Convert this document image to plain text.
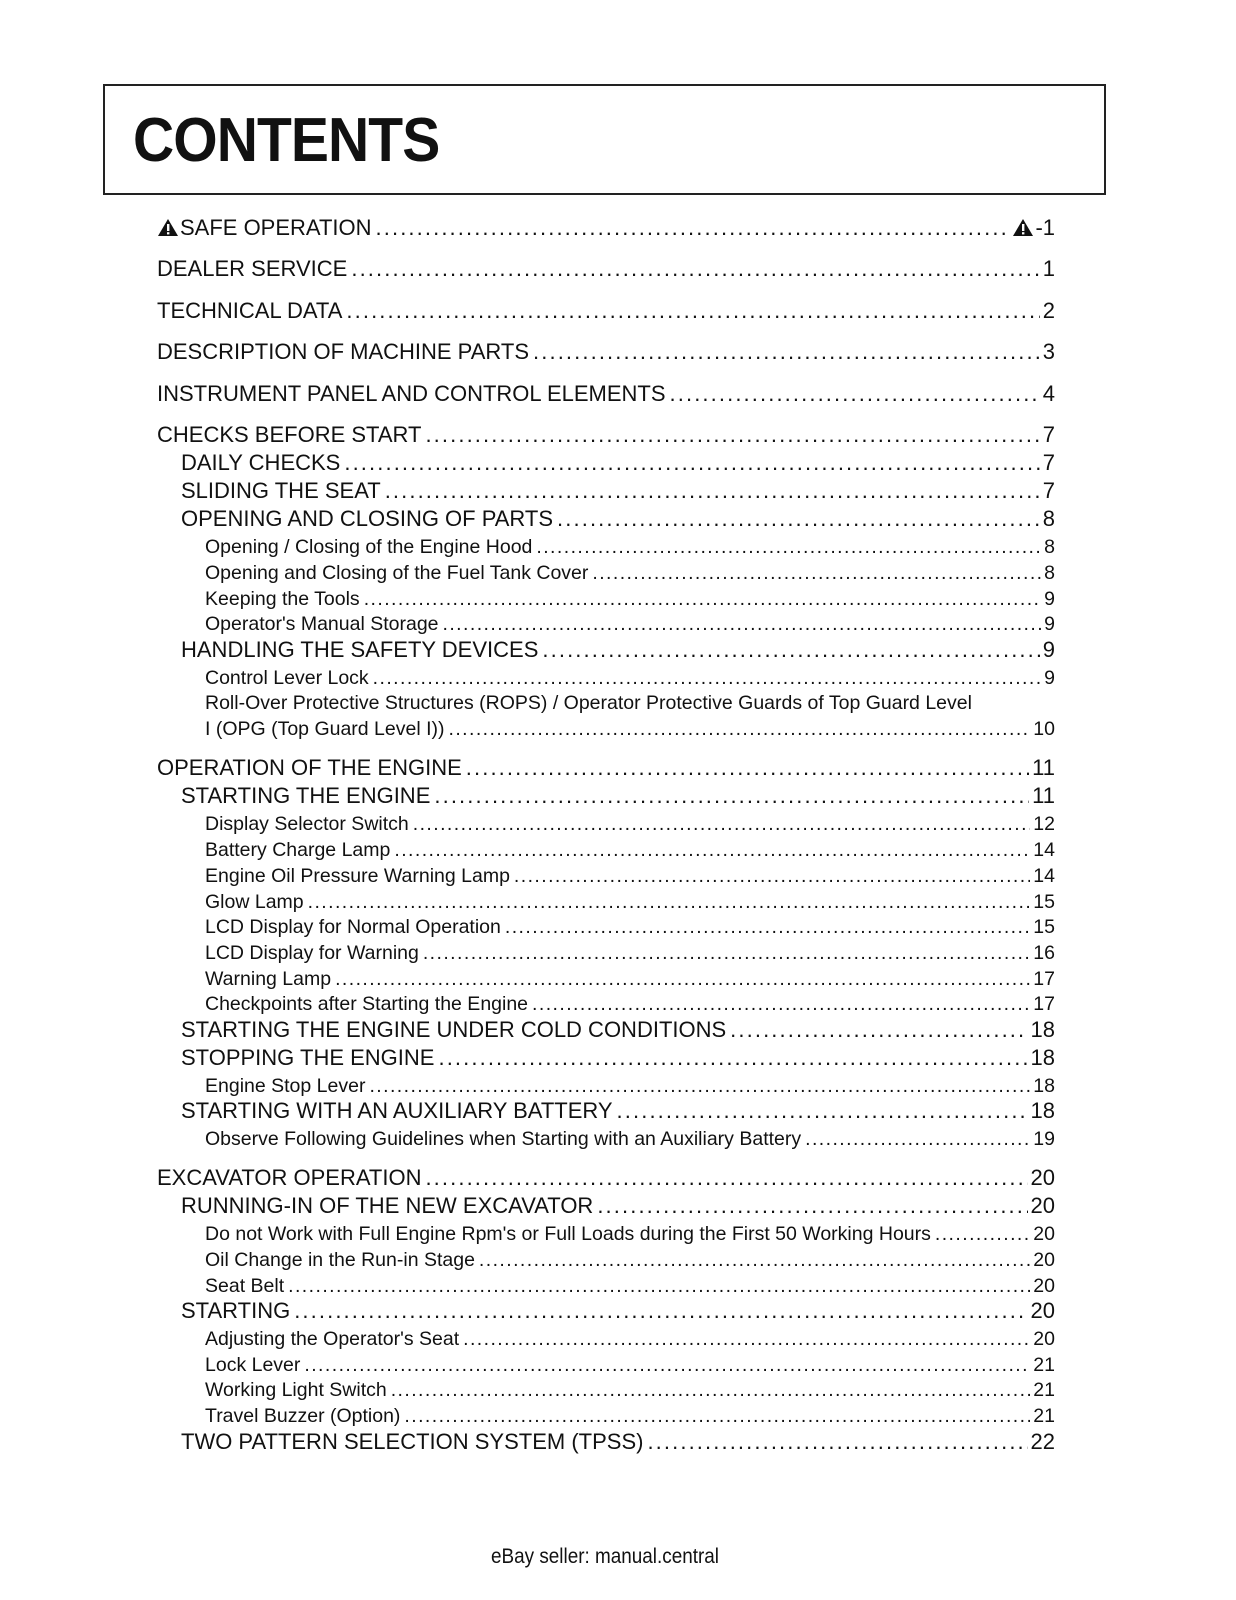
CONTENTS
SAFE OPERATION . . .	-1
DEALER SERVICE . . .	1
TECHNICAL DATA . . .	2
DESCRIPTION OF MACHINE PARTS . . .	3
INSTRUMENT PANEL AND CONTROL ELEMENTS . . .	4
CHECKS BEFORE START . . .	7
DAILY CHECKS . . .	7
SLIDING THE SEAT . . .	7
OPENING AND CLOSING OF PARTS . . .	8
Opening / Closing of the Engine Hood . . .	8
Opening and Closing of the Fuel Tank Cover . . .	8
Keeping the Tools . . .	9
Operator's Manual Storage . . .	9
HANDLING THE SAFETY DEVICES . . .	9
Control Lever Lock . . .	9
Roll-Over Protective Structures (ROPS) / Operator Protective Guards of Top Guard Level
I (OPG (Top Guard Level I)) . . .	10
OPERATION OF THE ENGINE . . .	11
STARTING THE ENGINE . . .	11
Display Selector Switch . . .	12
Battery Charge Lamp . . .	14
Engine Oil Pressure Warning Lamp . . .	14
Glow Lamp . . .	15
LCD Display for Normal Operation . . .	15
LCD Display for Warning . . .	16
Warning Lamp . . .	17
Checkpoints after Starting the Engine . . .	17
STARTING THE ENGINE UNDER COLD CONDITIONS . . .	18
STOPPING THE ENGINE . . .	18
Engine Stop Lever . . .	18
STARTING WITH AN AUXILIARY BATTERY . . .	18
Observe Following Guidelines when Starting with an Auxiliary Battery . . .	19
EXCAVATOR OPERATION . . .	20
RUNNING-IN OF THE NEW EXCAVATOR . . .	20
Do not Work with Full Engine Rpm's or Full Loads during the First 50 Working Hours . . .	20
Oil Change in the Run-in Stage . . .	20
Seat Belt . . .	20
STARTING . . .	20
Adjusting the Operator's Seat . . .	20
Lock Lever . . .	21
Working Light Switch . . .	21
Travel Buzzer (Option) . . .	21
TWO PATTERN SELECTION SYSTEM (TPSS) . . .	22
eBay seller: manual.central
